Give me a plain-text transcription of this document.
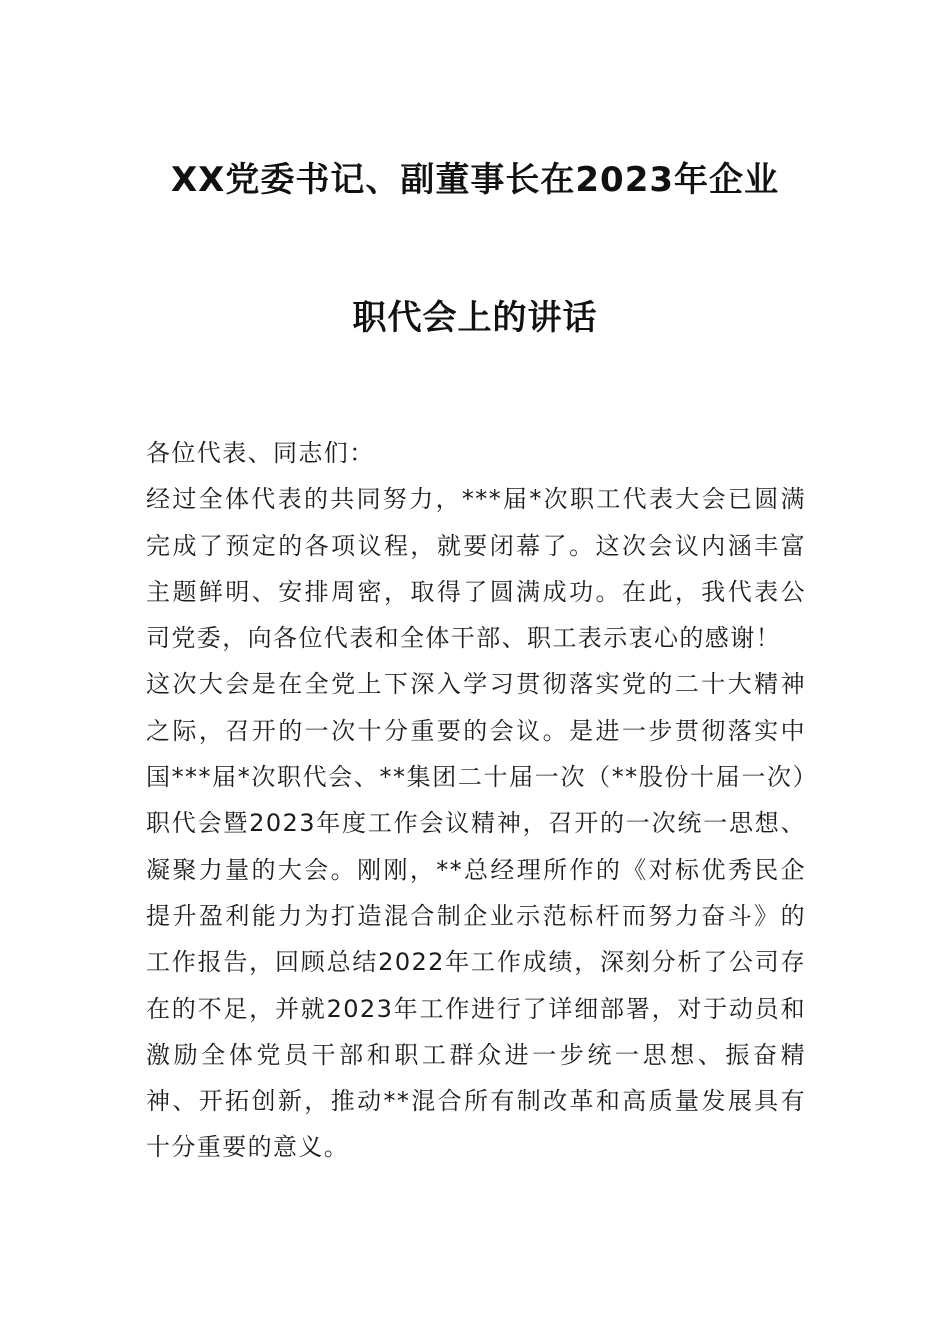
XX党委书记、副董事长在2023年企业
职代会上的讲话

各位代表、同志们：

经过全体代表的共同努力，***届*次职工代表大会已圆满完成了预定的各项议程，就要闭幕了。这次会议内涵丰富主题鲜明、安排周密，取得了圆满成功。在此，我代表公司党委，向各位代表和全体干部、职工表示衷心的感谢！

这次大会是在全党上下深入学习贯彻落实党的二十大精神之际，召开的一次十分重要的会议。是进一步贯彻落实中国***届*次职代会、**集团二十届一次（**股份十届一次）职代会暨2023年度工作会议精神，召开的一次统一思想、凝聚力量的大会。刚刚，**总经理所作的《对标优秀民企提升盈利能力为打造混合制企业示范标杆而努力奋斗》的工作报告，回顾总结2022年工作成绩，深刻分析了公司存在的不足，并就2023年工作进行了详细部署，对于动员和激励全体党员干部和职工群众进一步统一思想、振奋精神、开拓创新，推动**混合所有制改革和高质量发展具有十分重要的意义。
